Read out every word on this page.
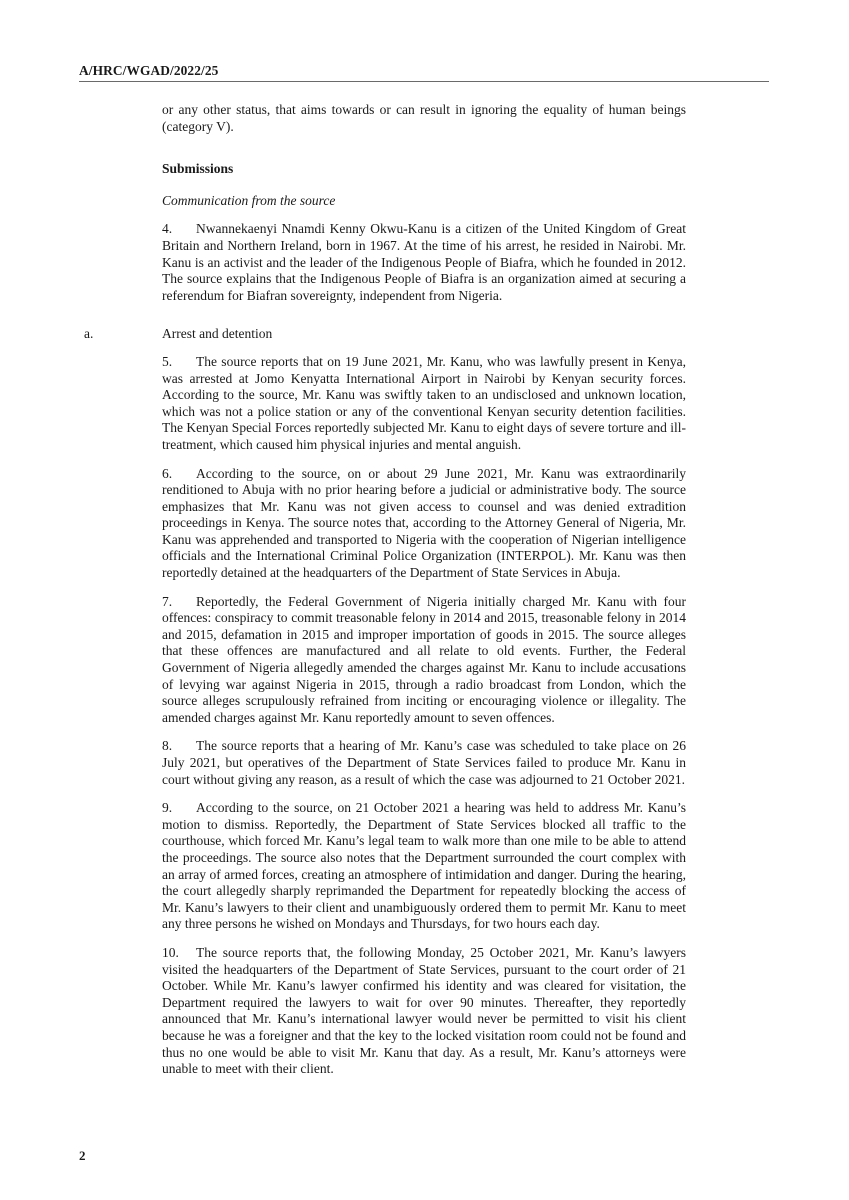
A/HRC/WGAD/2022/25

or any other status, that aims towards or can result in ignoring the equality of human beings (category V).

Submissions

Communication from the source

4. Nwannekaenyi Nnamdi Kenny Okwu-Kanu is a citizen of the United Kingdom of Great Britain and Northern Ireland, born in 1967. At the time of his arrest, he resided in Nairobi. Mr. Kanu is an activist and the leader of the Indigenous People of Biafra, which he founded in 2012. The source explains that the Indigenous People of Biafra is an organization aimed at securing a referendum for Biafran sovereignty, independent from Nigeria.

a.	Arrest and detention

5. The source reports that on 19 June 2021, Mr. Kanu, who was lawfully present in Kenya, was arrested at Jomo Kenyatta International Airport in Nairobi by Kenyan security forces. According to the source, Mr. Kanu was swiftly taken to an undisclosed and unknown location, which was not a police station or any of the conventional Kenyan security detention facilities. The Kenyan Special Forces reportedly subjected Mr. Kanu to eight days of severe torture and ill-treatment, which caused him physical injuries and mental anguish.

6. According to the source, on or about 29 June 2021, Mr. Kanu was extraordinarily renditioned to Abuja with no prior hearing before a judicial or administrative body. The source emphasizes that Mr. Kanu was not given access to counsel and was denied extradition proceedings in Kenya. The source notes that, according to the Attorney General of Nigeria, Mr. Kanu was apprehended and transported to Nigeria with the cooperation of Nigerian intelligence officials and the International Criminal Police Organization (INTERPOL). Mr. Kanu was then reportedly detained at the headquarters of the Department of State Services in Abuja.

7. Reportedly, the Federal Government of Nigeria initially charged Mr. Kanu with four offences: conspiracy to commit treasonable felony in 2014 and 2015, treasonable felony in 2014 and 2015, defamation in 2015 and improper importation of goods in 2015. The source alleges that these offences are manufactured and all relate to old events. Further, the Federal Government of Nigeria allegedly amended the charges against Mr. Kanu to include accusations of levying war against Nigeria in 2015, through a radio broadcast from London, which the source alleges scrupulously refrained from inciting or encouraging violence or illegality. The amended charges against Mr. Kanu reportedly amount to seven offences.

8. The source reports that a hearing of Mr. Kanu’s case was scheduled to take place on 26 July 2021, but operatives of the Department of State Services failed to produce Mr. Kanu in court without giving any reason, as a result of which the case was adjourned to 21 October 2021.

9. According to the source, on 21 October 2021 a hearing was held to address Mr. Kanu’s motion to dismiss. Reportedly, the Department of State Services blocked all traffic to the courthouse, which forced Mr. Kanu’s legal team to walk more than one mile to be able to attend the proceedings. The source also notes that the Department surrounded the court complex with an array of armed forces, creating an atmosphere of intimidation and danger. During the hearing, the court allegedly sharply reprimanded the Department for repeatedly blocking the access of Mr. Kanu’s lawyers to their client and unambiguously ordered them to permit Mr. Kanu to meet any three persons he wished on Mondays and Thursdays, for two hours each day.

10. The source reports that, the following Monday, 25 October 2021, Mr. Kanu’s lawyers visited the headquarters of the Department of State Services, pursuant to the court order of 21 October. While Mr. Kanu’s lawyer confirmed his identity and was cleared for visitation, the Department required the lawyers to wait for over 90 minutes. Thereafter, they reportedly announced that Mr. Kanu’s international lawyer would never be permitted to visit his client because he was a foreigner and that the key to the locked visitation room could not be found and thus no one would be able to visit Mr. Kanu that day. As a result, Mr. Kanu’s attorneys were unable to meet with their client.

2
